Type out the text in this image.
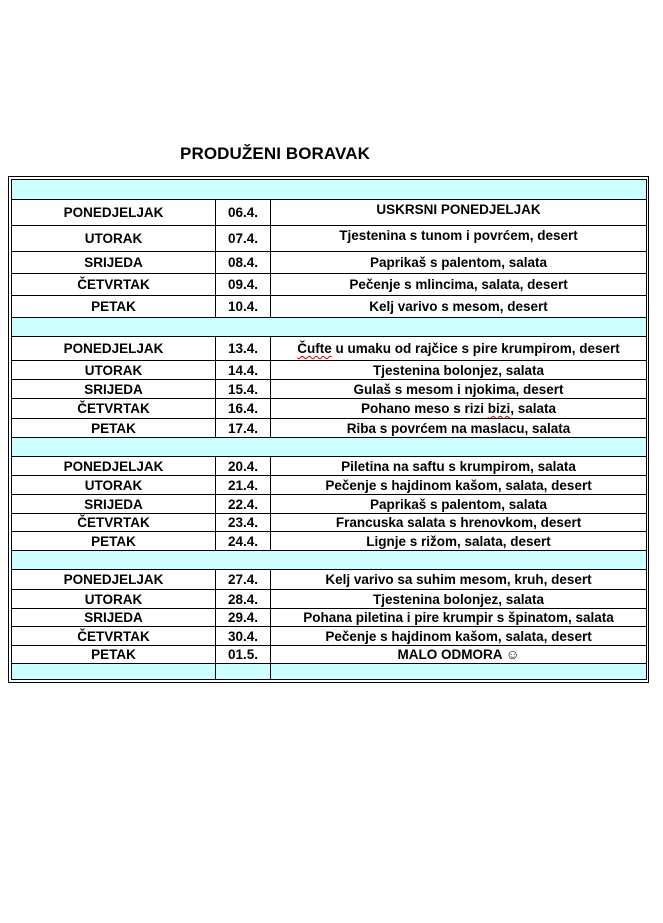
PRODUŽENI BORAVAK

PONEDJELJAK	06.4.	USKRSNI PONEDJELJAK
UTORAK	07.4.	Tjestenina s tunom i povrćem, desert
SRIJEDA	08.4.	Paprikaš s palentom, salata
ČETVRTAK	09.4.	Pečenje s mlincima, salata, desert
PETAK	10.4.	Kelj varivo s mesom, desert

PONEDJELJAK	13.4.	Čufte u umaku od rajčice s pire krumpirom, desert
UTORAK	14.4.	Tjestenina bolonjez, salata
SRIJEDA	15.4.	Gulaš s mesom i njokima, desert
ČETVRTAK	16.4.	Pohano meso s rizi bizi, salata
PETAK	17.4.	Riba s povrćem na maslacu, salata

PONEDJELJAK	20.4.	Piletina na saftu s krumpirom, salata
UTORAK	21.4.	Pečenje s hajdinom kašom, salata, desert
SRIJEDA	22.4.	Paprikaš s palentom, salata
ČETVRTAK	23.4.	Francuska salata s hrenovkom, desert
PETAK	24.4.	Lignje s rižom, salata, desert

PONEDJELJAK	27.4.	Kelj varivo sa suhim mesom, kruh, desert
UTORAK	28.4.	Tjestenina bolonjez, salata
SRIJEDA	29.4.	Pohana piletina i pire krumpir s špinatom, salata
ČETVRTAK	30.4.	Pečenje s hajdinom kašom, salata, desert
PETAK	01.5.	MALO ODMORA ☺
